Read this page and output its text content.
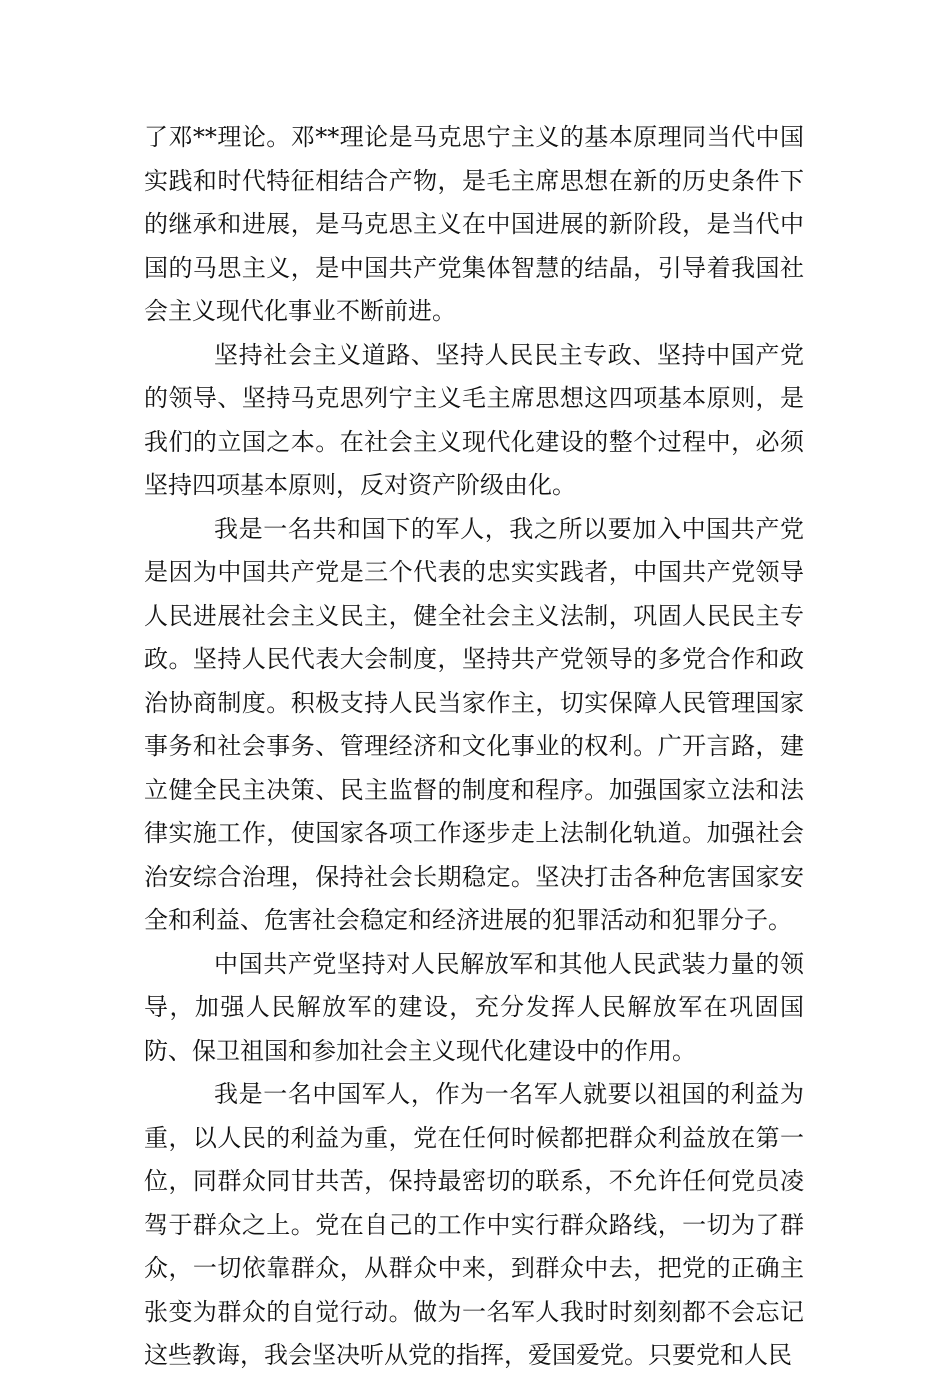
了邓**理论。邓**理论是马克思宁主义的基本原理同当代中国实践和时代特征相结合产物，是毛主席思想在新的历史条件下的继承和进展，是马克思主义在中国进展的新阶段，是当代中国的马思主义，是中国共产党集体智慧的结晶，引导着我国社会主义现代化事业不断前进。

坚持社会主义道路、坚持人民民主专政、坚持中国产党的领导、坚持马克思列宁主义毛主席思想这四项基本原则，是我们的立国之本。在社会主义现代化建设的整个过程中，必须坚持四项基本原则，反对资产阶级由化。

我是一名共和国下的军人，我之所以要加入中国共产党是因为中国共产党是三个代表的忠实实践者，中国共产党领导人民进展社会主义民主，健全社会主义法制，巩固人民民主专政。坚持人民代表大会制度，坚持共产党领导的多党合作和政治协商制度。积极支持人民当家作主，切实保障人民管理国家事务和社会事务、管理经济和文化事业的权利。广开言路，建立健全民主决策、民主监督的制度和程序。加强国家立法和法律实施工作，使国家各项工作逐步走上法制化轨道。加强社会治安综合治理，保持社会长期稳定。坚决打击各种危害国家安全和利益、危害社会稳定和经济进展的犯罪活动和犯罪分子。

中国共产党坚持对人民解放军和其他人民武装力量的领导，加强人民解放军的建设，充分发挥人民解放军在巩固国防、保卫祖国和参加社会主义现代化建设中的作用。

我是一名中国军人，作为一名军人就要以祖国的利益为重，以人民的利益为重，党在任何时候都把群众利益放在第一位，同群众同甘共苦，保持最密切的联系，不允许任何党员凌驾于群众之上。党在自己的工作中实行群众路线，一切为了群众，一切依靠群众，从群众中来，到群众中去，把党的正确主张变为群众的自觉行动。做为一名军人我时时刻刻都不会忘记这些教诲，我会坚决听从党的指挥，爱国爱党。只要党和人民
